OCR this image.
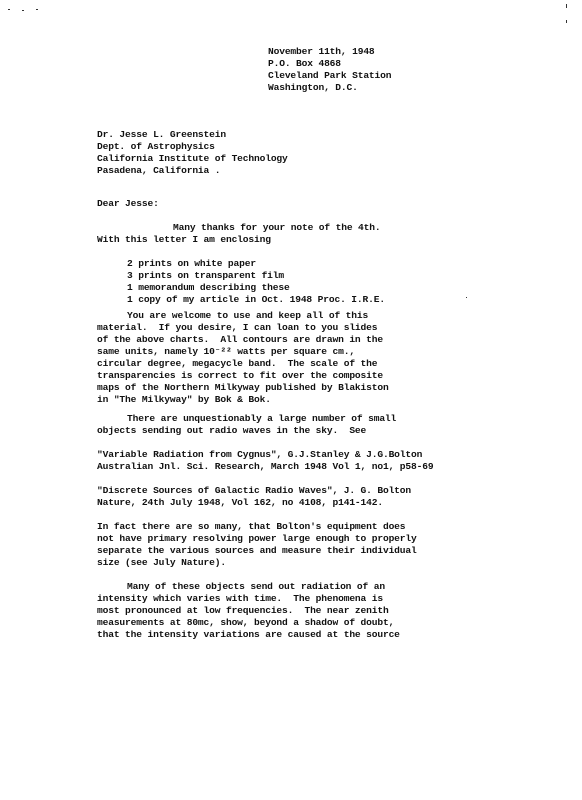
November 11th, 1948
P.O. Box 4868
Cleveland Park Station
Washington, D.C.
Dr. Jesse L. Greenstein
Dept. of Astrophysics
California Institute of Technology
Pasadena, California .
Dear Jesse:
Many thanks for your note of the 4th.
With this letter I am enclosing
2 prints on white paper
3 prints on transparent film
1 memorandum describing these
1 copy of my article in Oct. 1948 Proc. I.R.E.
You are welcome to use and keep all of this
material.  If you desire, I can loan to you slides
of the above charts.  All contours are drawn in the
same units, namely 10⁻²² watts per square cm.,
circular degree, megacycle band.  The scale of the
transparencies is correct to fit over the composite
maps of the Northern Milkyway published by Blakiston
in "The Milkyway" by Bok & Bok.
There are unquestionably a large number of small
objects sending out radio waves in the sky.  See
"Variable Radiation from Cygnus", G.J.Stanley & J.G.Bolton
Australian Jnl. Sci. Research, March 1948 Vol 1, no1, p58-69
"Discrete Sources of Galactic Radio Waves", J. G. Bolton
Nature, 24th July 1948, Vol 162, no 4108, p141-142.
In fact there are so many, that Bolton's equipment does
not have primary resolving power large enough to properly
separate the various sources and measure their individual
size (see July Nature).
Many of these objects send out radiation of an
intensity which varies with time.  The phenomena is
most pronounced at low frequencies.  The near zenith
measurements at 80mc, show, beyond a shadow of doubt,
that the intensity variations are caused at the source
